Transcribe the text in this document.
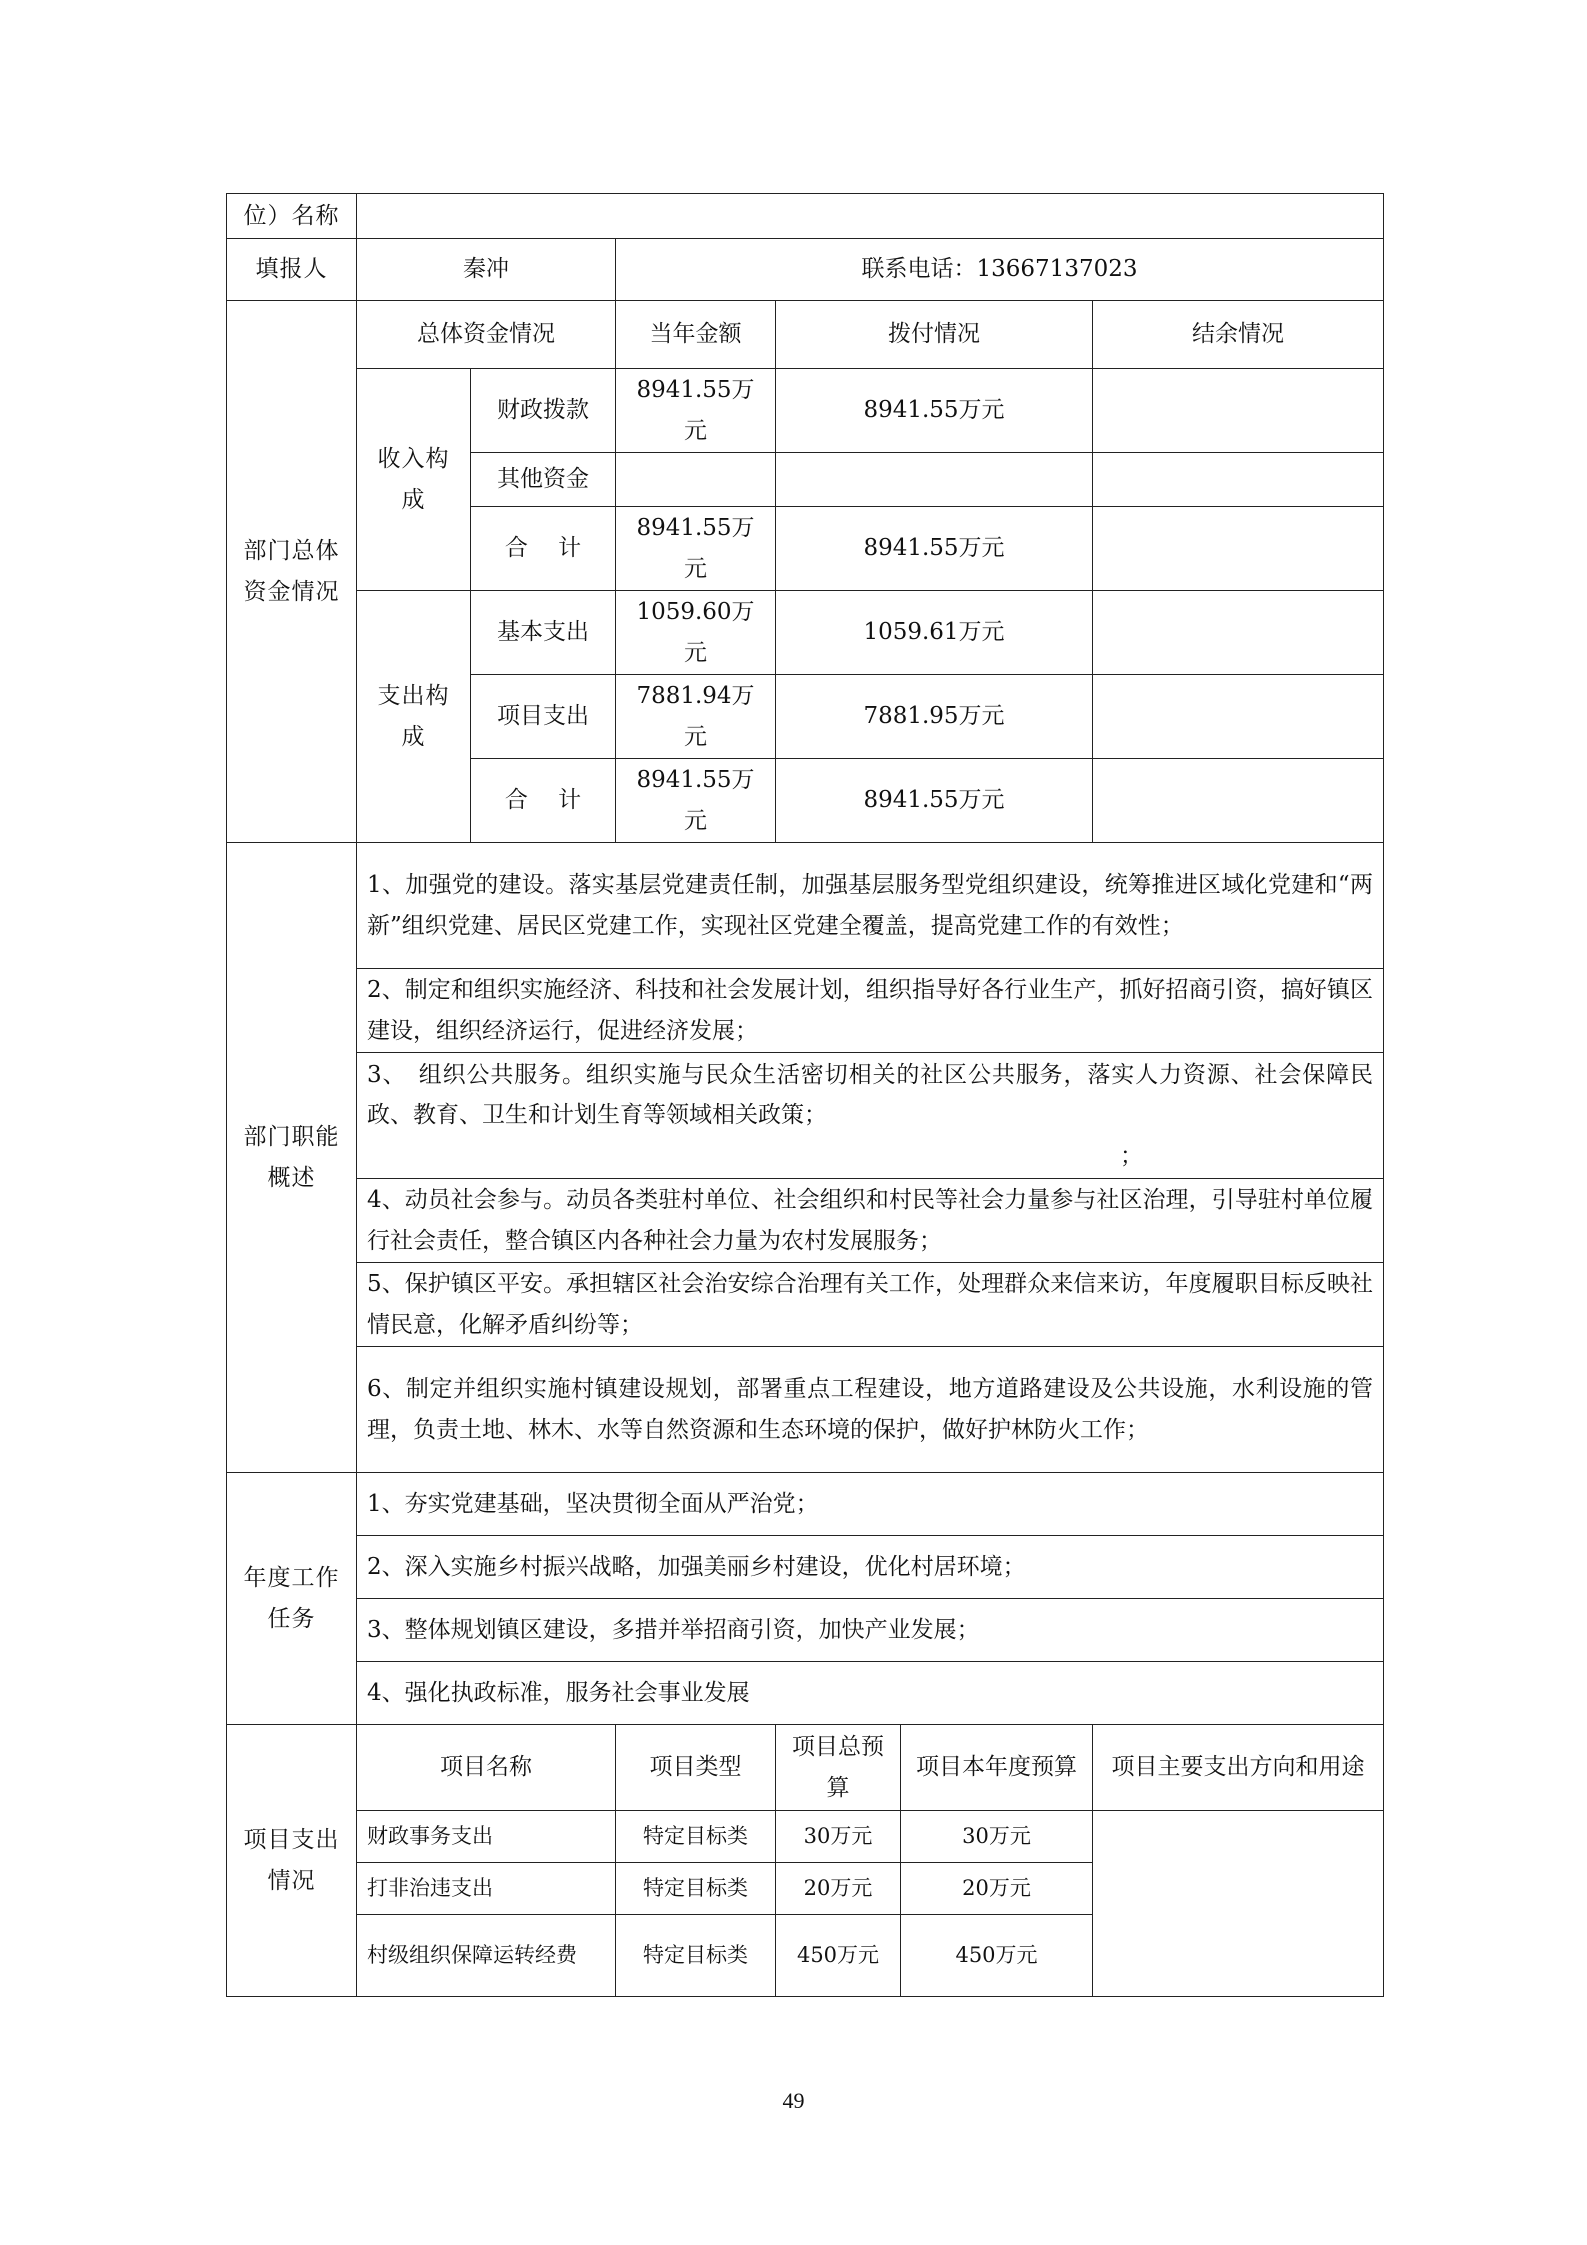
位）名称						
填报人	秦冲		联系电话：13667137023			
部门总体资金情况	总体资金情况		当年金额	拨付情况		结余情况
	收入构成	财政拨款	8941.55万元	8941.55万元		
		其他资金				
		合　 计	8941.55万元	8941.55万元		
	支出构成	基本支出	1059.60万元	1059.61万元		
		项目支出	7881.94万元	7881.95万元		
		合　 计	8941.55万元	8941.55万元		
部门职能概述	1、加强党的建设。落实基层党建责任制，加强基层服务型党组织建设，统筹推进区域化党建和“两新”组织党建、居民区党建工作，实现社区党建全覆盖，提高党建工作的有效性；					
	2、制定和组织实施经济、科技和社会发展计划，组织指导好各行业生产，抓好招商引资，搞好镇区建设，组织经济运行，促进经济发展；					

	3、　组织公共服务。组织实施与民众生活密切相关的社区公共服务，落实人力资源、社会保障民政、教育、卫生和计划生育等领域相关政策；
；					

	4、动员社会参与。动员各类驻村单位、社会组织和村民等社会力量参与社区治理，引导驻村单位履行社会责任，整合镇区内各种社会力量为农村发展服务；					
	5、保护镇区平安。承担辖区社会治安综合治理有关工作，处理群众来信来访，年度履职目标反映社情民意，化解矛盾纠纷等；					
	6、制定并组织实施村镇建设规划，部署重点工程建设，地方道路建设及公共设施，水利设施的管理，负责土地、林木、水等自然资源和生态环境的保护，做好护林防火工作；					
年度工作任务	1、夯实党建基础，坚决贯彻全面从严治党；					
	2、深入实施乡村振兴战略，加强美丽乡村建设，优化村居环境；					
	3、整体规划镇区建设，多措并举招商引资，加快产业发展；					
	4、强化执政标准，服务社会事业发展					
项目支出情况	项目名称		项目类型	项目总预算	项目本年度预算	项目主要支出方向和用途
	财政事务支出		特定目标类	30万元	30万元	
	打非治违支出		特定目标类	20万元	20万元	
	村级组织保障运转经费		特定目标类	450万元	450万元	
49
